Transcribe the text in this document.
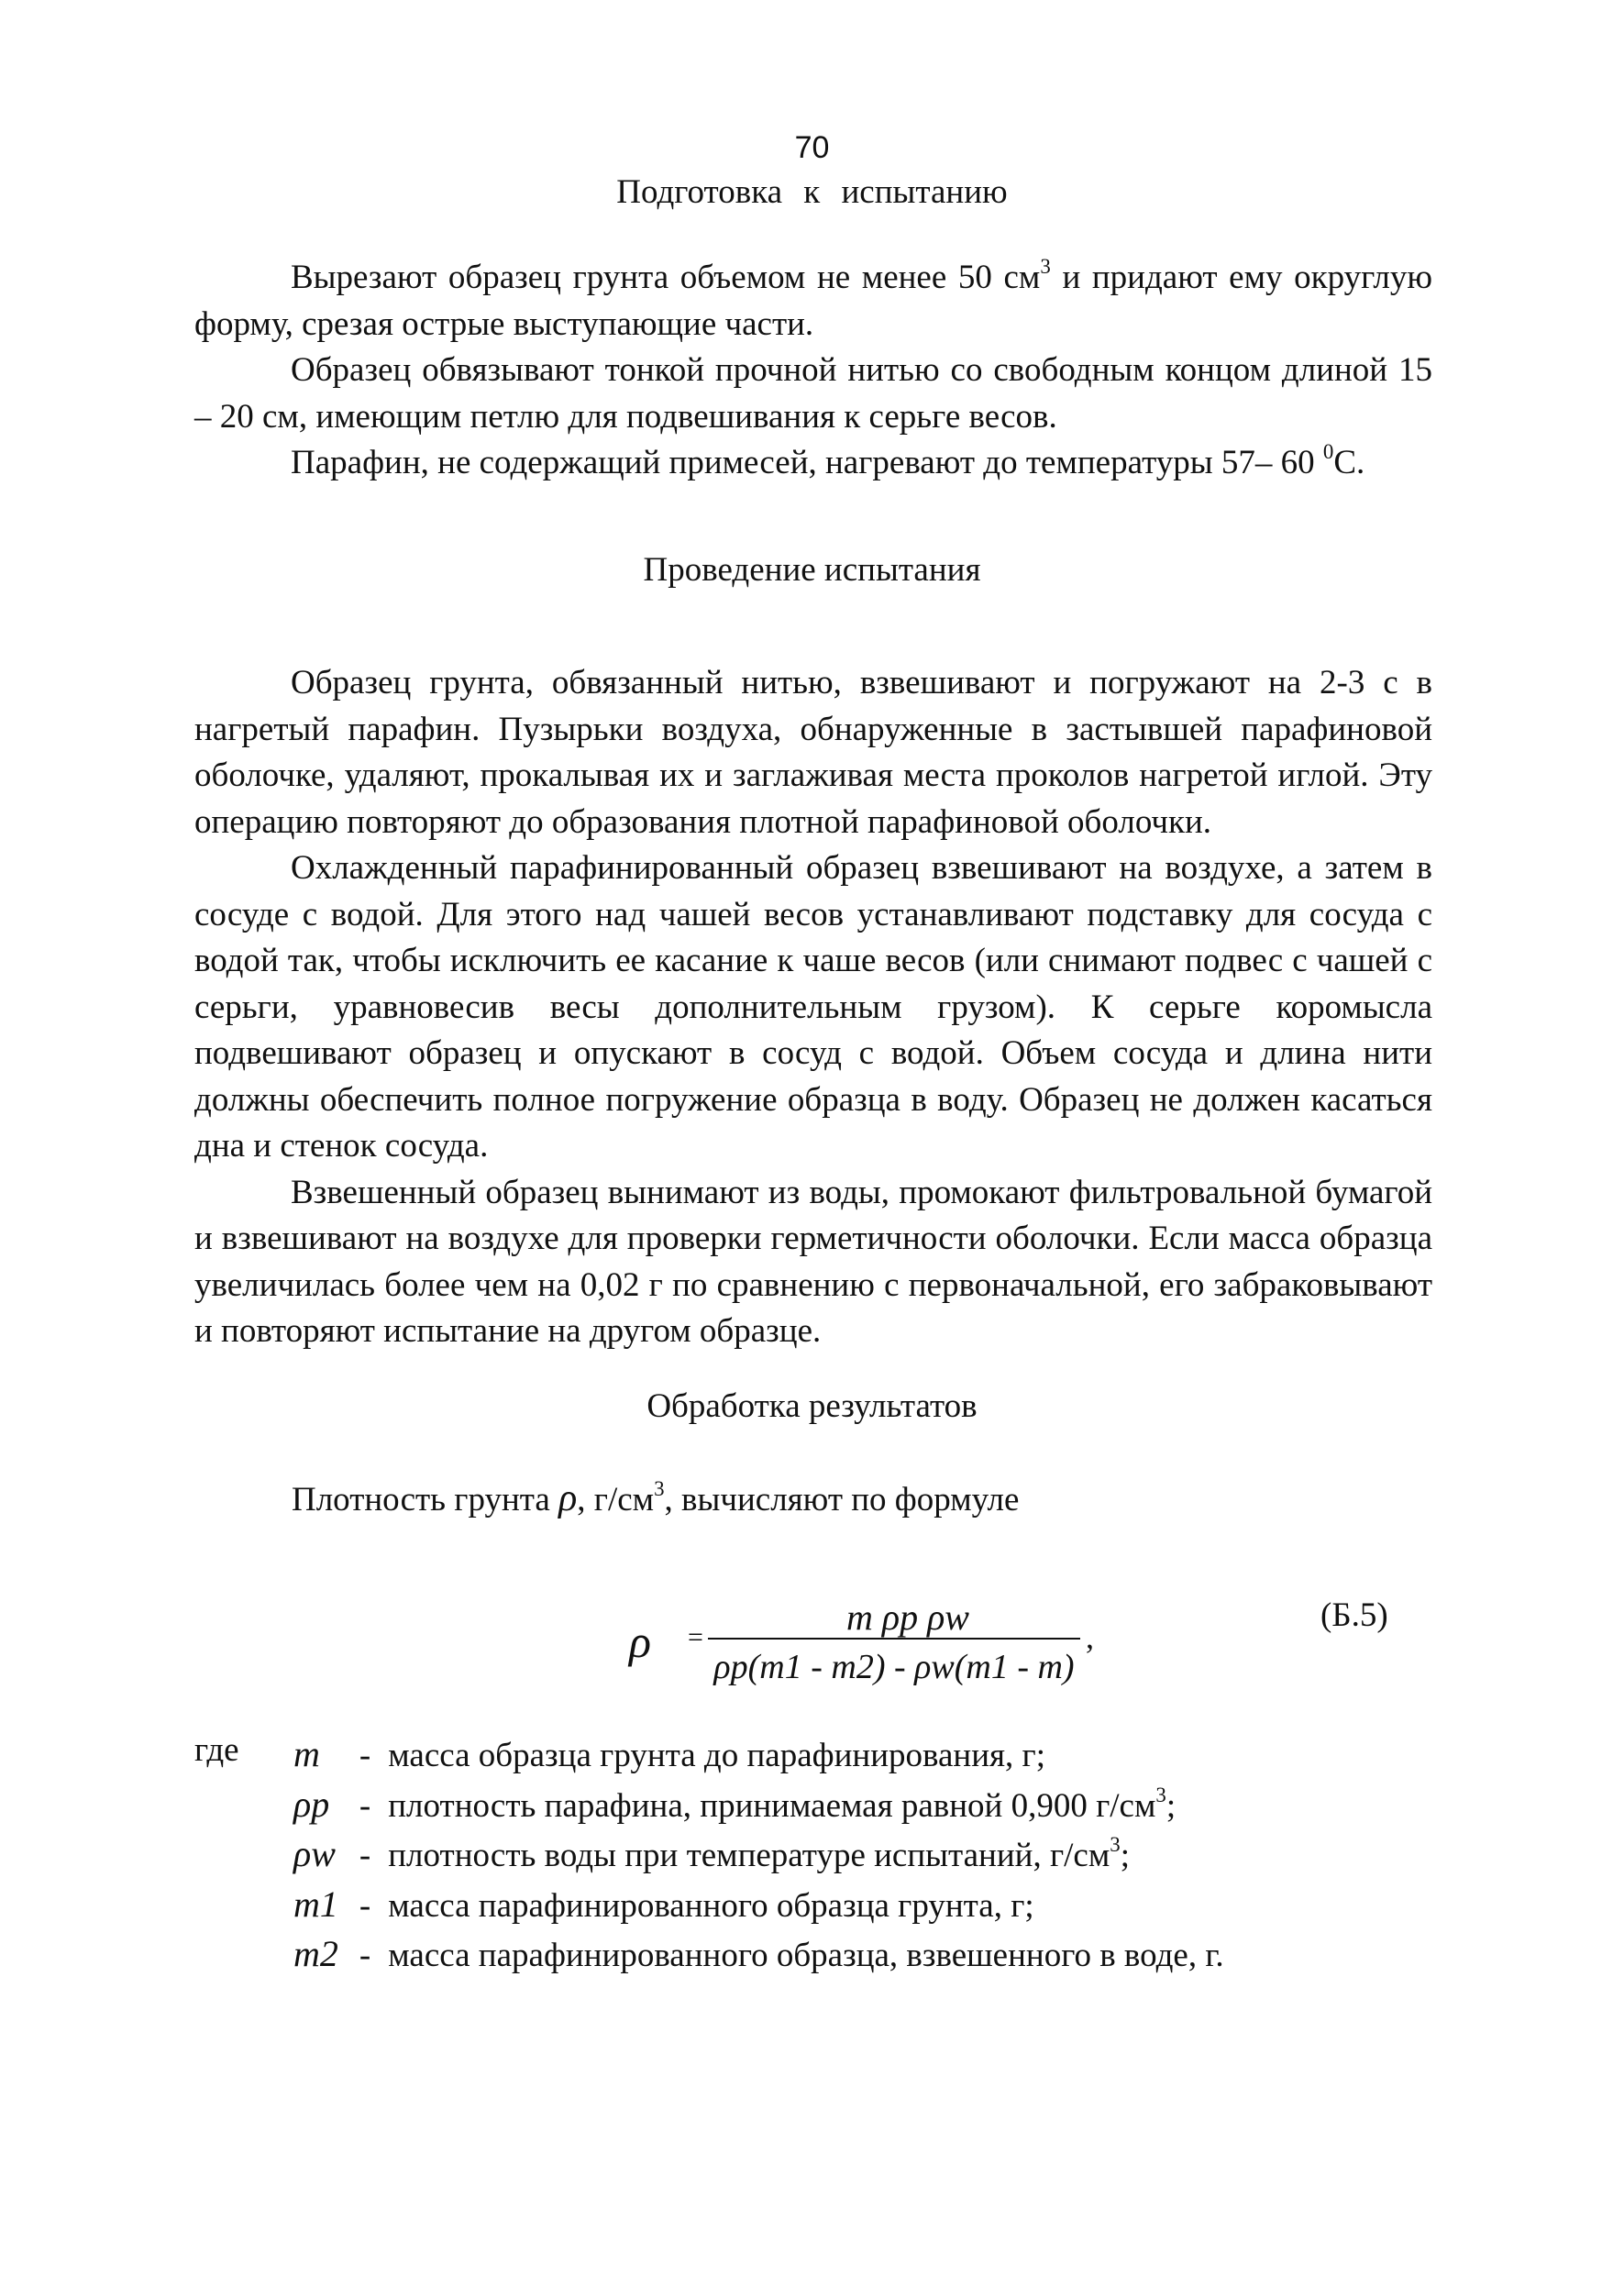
70
Подготовка к испытанию

Вырезают образец грунта объемом не менее 50 $см^3$ и придают ему округлую форму, срезая острые выступающие части.

Образец обвязывают тонкой прочной нитью со свободным концом длиной 15 – 20 см, имеющим петлю для подвешивания к серьге весов.

Парафин, не содержащий примесей, нагревают до температуры 57– 60 $^0$C.

Проведение испытания

Образец грунта, обвязанный нитью, взвешивают и погружают на 2-3 с в нагретый парафин. Пузырьки воздуха, обнаруженные в застывшей парафиновой оболочке, удаляют, прокалывая их и заглаживая места проколов нагретой иглой. Эту операцию повторяют до образования плотной парафиновой оболочки.

Охлажденный парафинированный образец взвешивают на воздухе, а затем в сосуде с водой. Для этого над чашей весов устанавливают подставку для сосуда с водой так, чтобы исключить ее касание к чаше весов (или снимают подвес с чашей с серьги, уравновесив весы дополнительным грузом). К серьге коромысла подвешивают образец и опускают в сосуд с водой. Объем сосуда и длина нити должны обеспечить полное погружение образца в воду. Образец не должен касаться дна и стенок сосуда.

Взвешенный образец вынимают из воды, промокают фильтровальной бумагой и взвешивают на воздухе для проверки герметичности оболочки. Если масса образца увеличилась более чем на 0,02 г по сравнению с первоначальной, его забраковывают и повторяют испытание на другом образце.

Обработка результатов
Плотность грунта ρ, $г/см^3$, вычисляют по формуле
ρ =	m ρp ρw
ρp(m1 - m2) - ρw(m1 - m)
,
(Б.5)
где m - масса образца грунта до парафинирования, г;
ρp - плотность парафина, принимаемая равной 0,900 $г/см^3$;
ρw - плотность воды при температуре испытаний, $г/см^3$;
m1 - масса парафинированного образца грунта, г;
m2 - масса парафинированного образца, взвешенного в воде, г.
